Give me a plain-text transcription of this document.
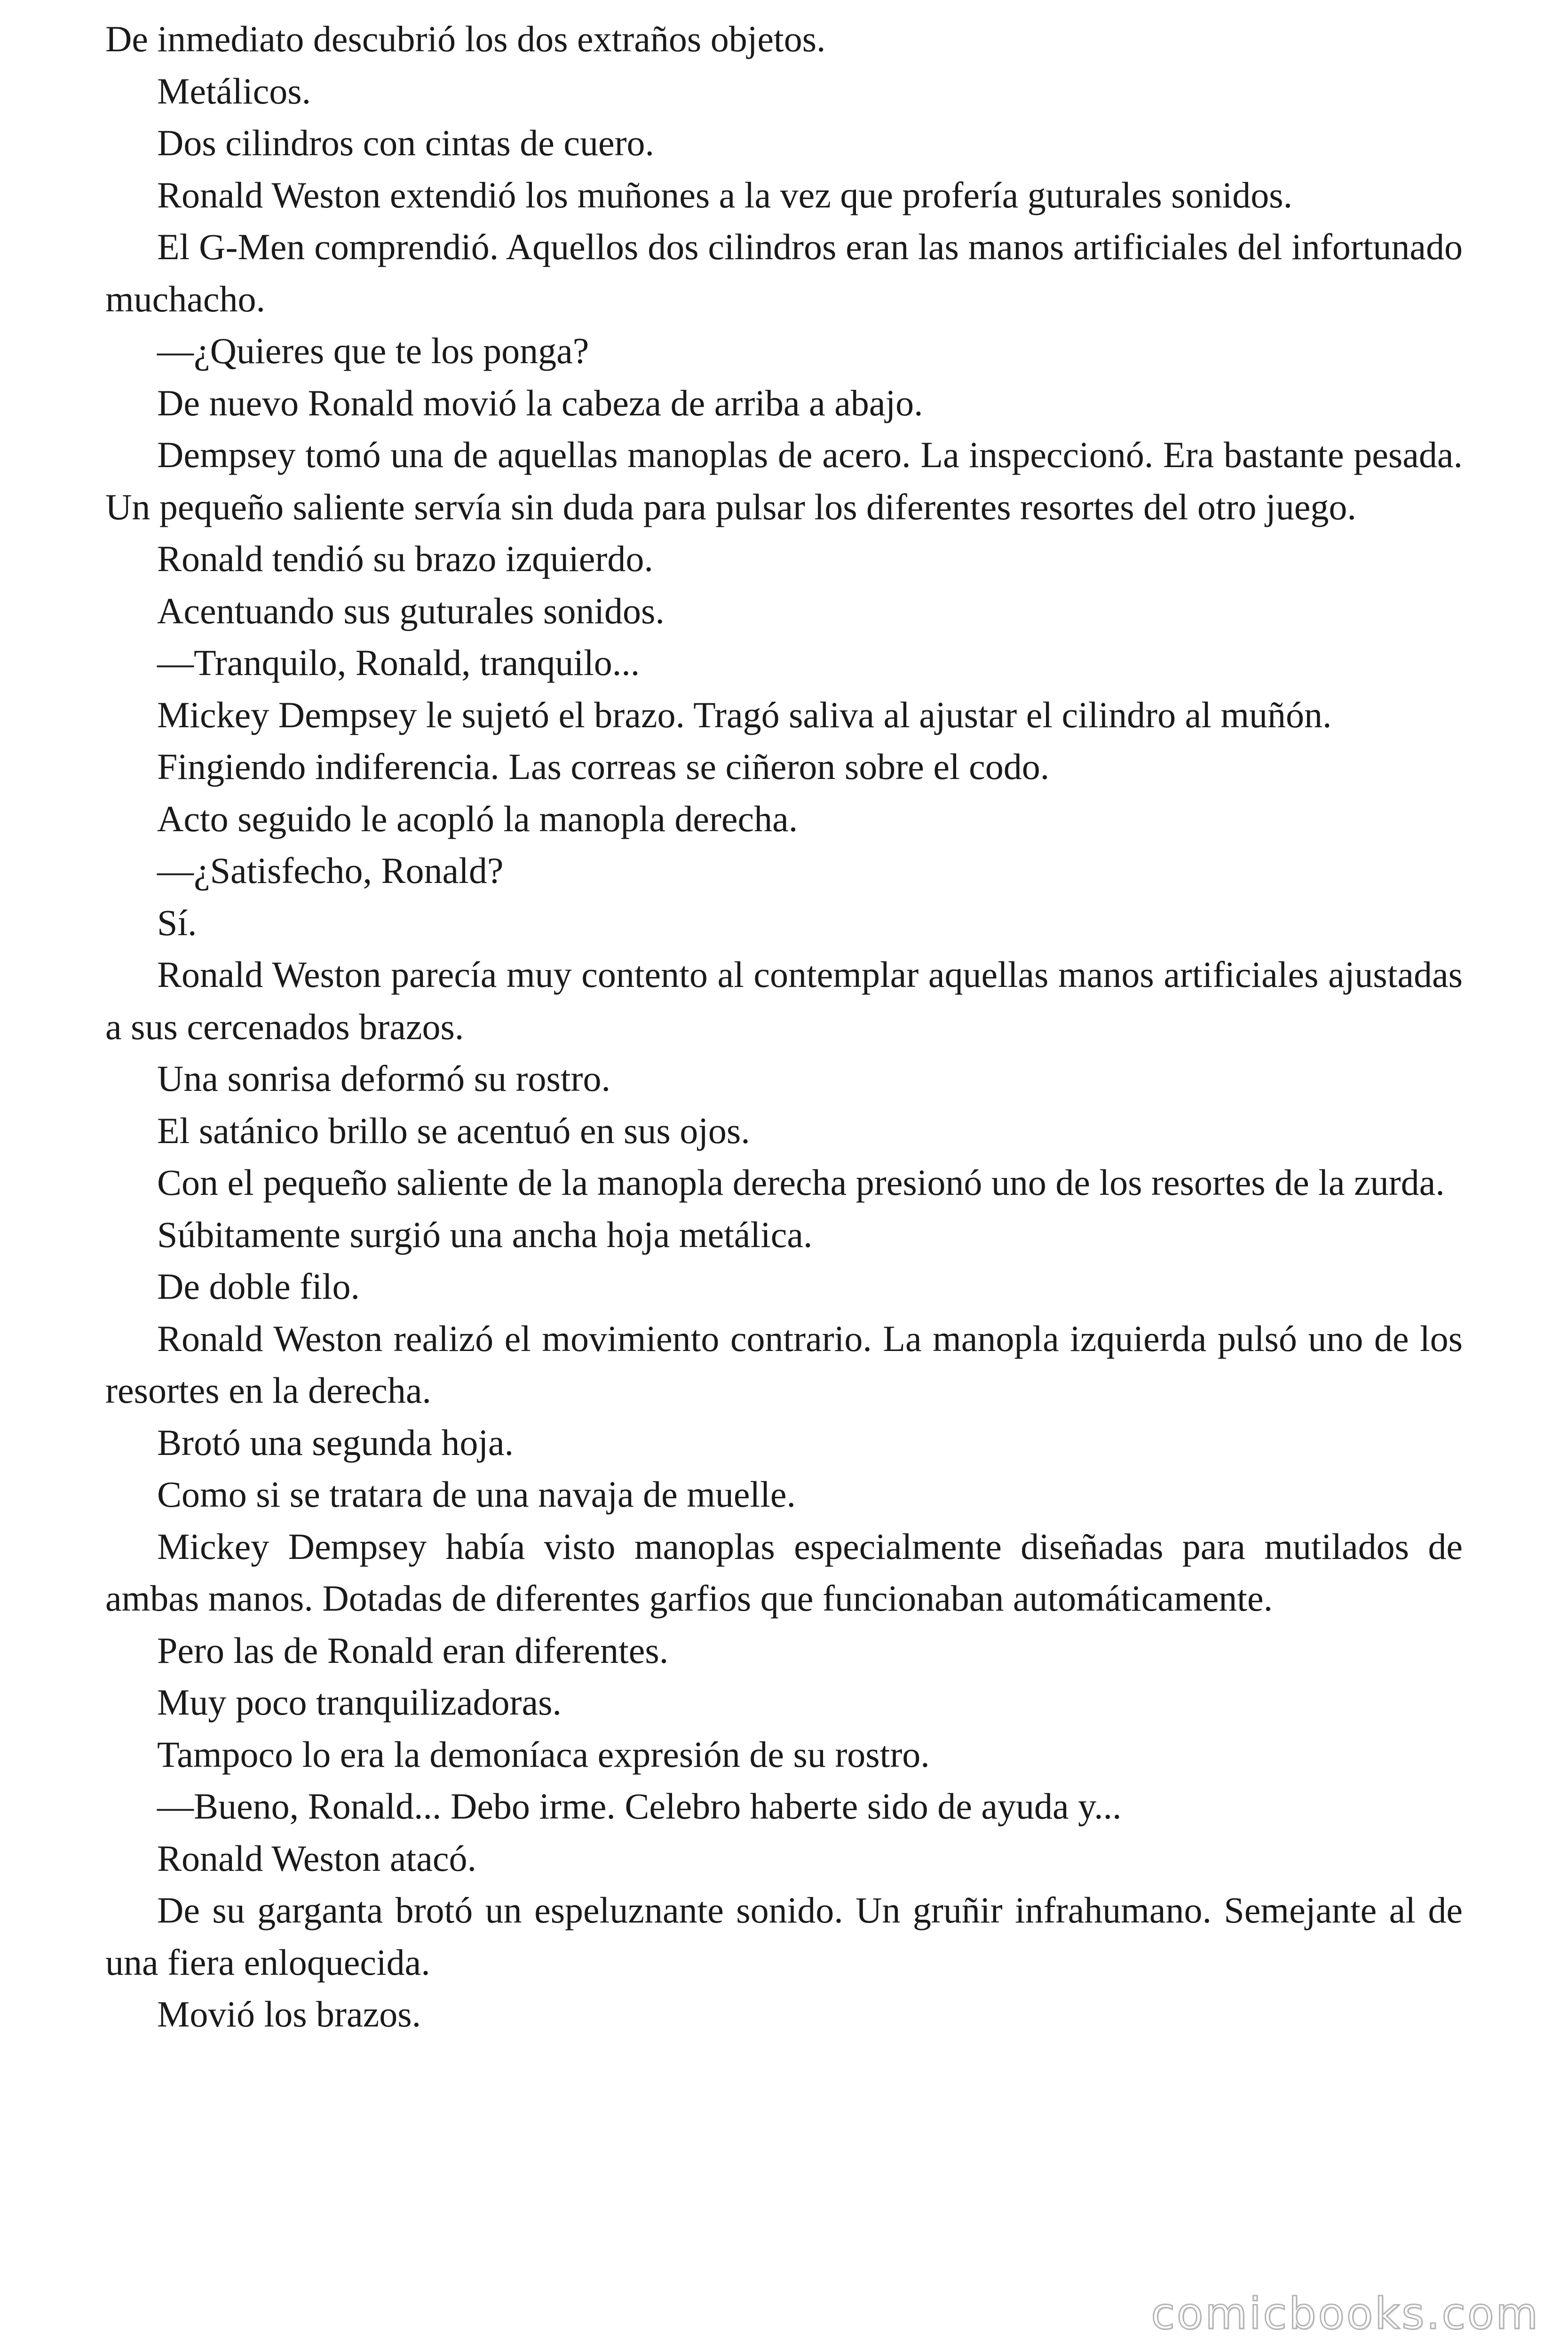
De inmediato descubrió los dos extraños objetos.

Metálicos.

Dos cilindros con cintas de cuero.

Ronald Weston extendió los muñones a la vez que profería guturales sonidos.

El G-Men comprendió. Aquellos dos cilindros eran las manos artificiales del infortunado muchacho.

—¿Quieres que te los ponga?

De nuevo Ronald movió la cabeza de arriba a abajo.

Dempsey tomó una de aquellas manoplas de acero. La inspeccionó. Era bastante pesada. Un pequeño saliente servía sin duda para pulsar los diferentes resortes del otro juego.

Ronald tendió su brazo izquierdo.

Acentuando sus guturales sonidos.

—Tranquilo, Ronald, tranquilo...

Mickey Dempsey le sujetó el brazo. Tragó saliva al ajustar el cilindro al muñón.

Fingiendo indiferencia. Las correas se ciñeron sobre el codo.

Acto seguido le acopló la manopla derecha.

—¿Satisfecho, Ronald?

Sí.

Ronald Weston parecía muy contento al contemplar aquellas manos artificiales ajustadas a sus cercenados brazos.

Una sonrisa deformó su rostro.

El satánico brillo se acentuó en sus ojos.

Con el pequeño saliente de la manopla derecha presionó uno de los resortes de la zurda.

Súbitamente surgió una ancha hoja metálica.

De doble filo.

Ronald Weston realizó el movimiento contrario. La manopla izquierda pulsó uno de los resortes en la derecha.

Brotó una segunda hoja.

Como si se tratara de una navaja de muelle.

Mickey Dempsey había visto manoplas especialmente diseñadas para mutilados de ambas manos. Dotadas de diferentes garfios que funcionaban automáticamente.

Pero las de Ronald eran diferentes.

Muy poco tranquilizadoras.

Tampoco lo era la demoníaca expresión de su rostro.

—Bueno, Ronald... Debo irme. Celebro haberte sido de ayuda y...

Ronald Weston atacó.

De su garganta brotó un espeluznante sonido. Un gruñir infrahumano. Semejante al de una fiera enloquecida.

Movió los brazos.

comicbooks.com
